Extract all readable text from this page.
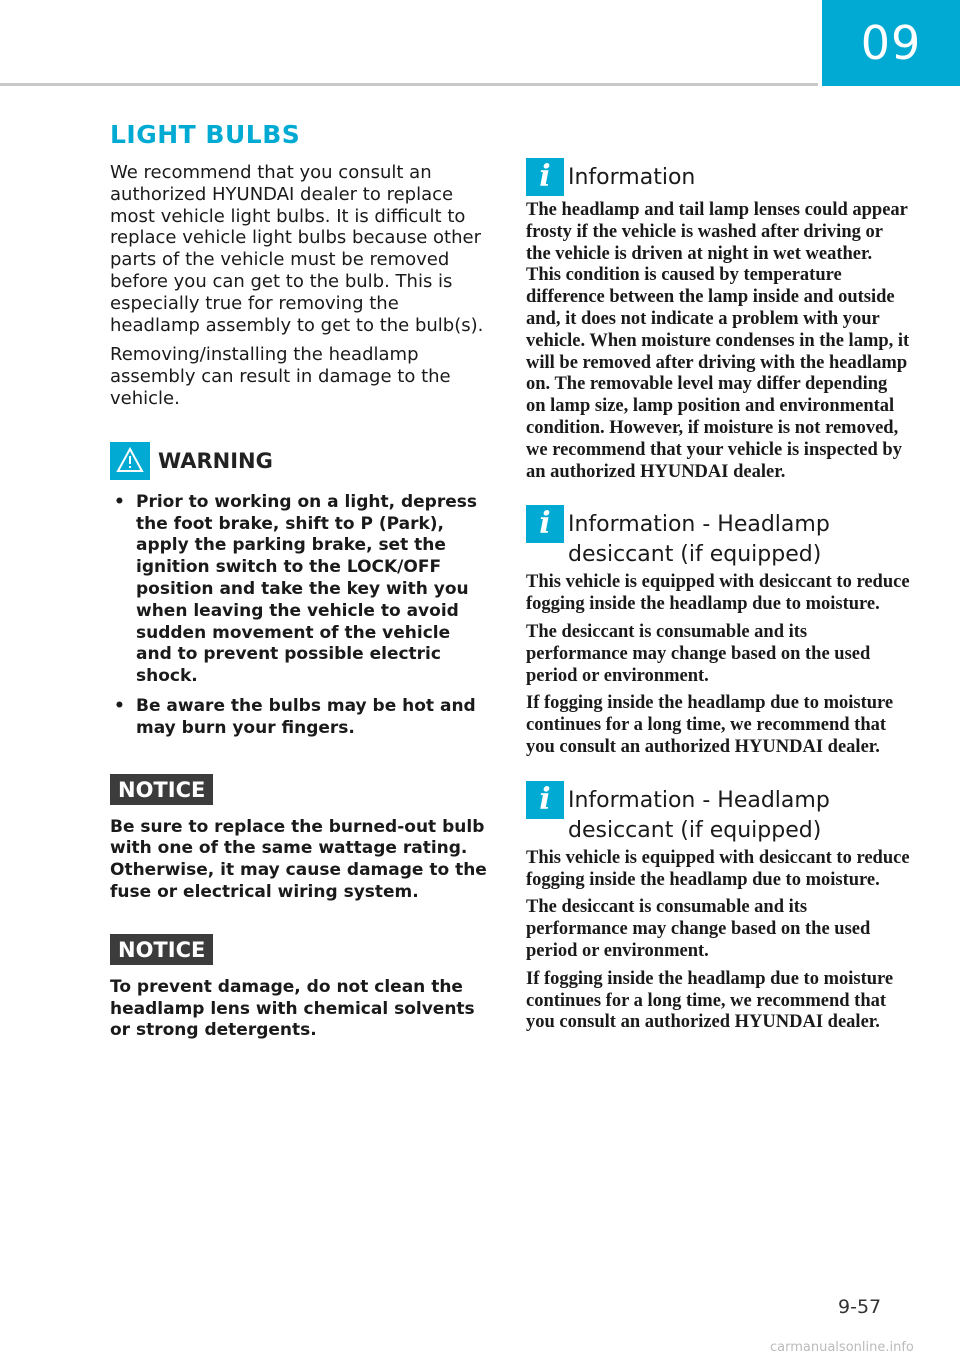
09
LIGHT BULBS

We recommend that you consult an authorized HYUNDAI dealer to replace most vehicle light bulbs. It is difficult to replace vehicle light bulbs because other parts of the vehicle must be removed before you can get to the bulb. This is especially true for removing the headlamp assembly to get to the bulb(s).

Removing/installing the headlamp assembly can result in damage to the vehicle.

WARNING
• Prior to working on a light, depress the foot brake, shift to P (Park), apply the parking brake, set the ignition switch to the LOCK/OFF position and take the key with you when leaving the vehicle to avoid sudden movement of the vehicle and to prevent possible electric shock.
• Be aware the bulbs may be hot and may burn your fingers.
NOTICE

Be sure to replace the burned-out bulb with one of the same wattage rating. Otherwise, it may cause damage to the fuse or electrical wiring system.

NOTICE

To prevent damage, do not clean the headlamp lens with chemical solvents or strong detergents.

i Information

The headlamp and tail lamp lenses could appear frosty if the vehicle is washed after driving or the vehicle is driven at night in wet weather. This condition is caused by temperature difference between the lamp inside and outside and, it does not indicate a problem with your vehicle. When moisture condenses in the lamp, it will be removed after driving with the headlamp on. The removable level may differ depending on lamp size, lamp position and environmental condition. However, if moisture is not removed, we recommend that your vehicle is inspected by an authorized HYUNDAI dealer.

i Information - Headlamp desiccant (if equipped)

This vehicle is equipped with desiccant to reduce fogging inside the headlamp due to moisture.

The desiccant is consumable and its performance may change based on the used period or environment.

If fogging inside the headlamp due to moisture continues for a long time, we recommend that you consult an authorized HYUNDAI dealer.

i Information - Headlamp desiccant (if equipped)

This vehicle is equipped with desiccant to reduce fogging inside the headlamp due to moisture.

The desiccant is consumable and its performance may change based on the used period or environment.

If fogging inside the headlamp due to moisture continues for a long time, we recommend that you consult an authorized HYUNDAI dealer.

9-57
carmanualsonline.info
